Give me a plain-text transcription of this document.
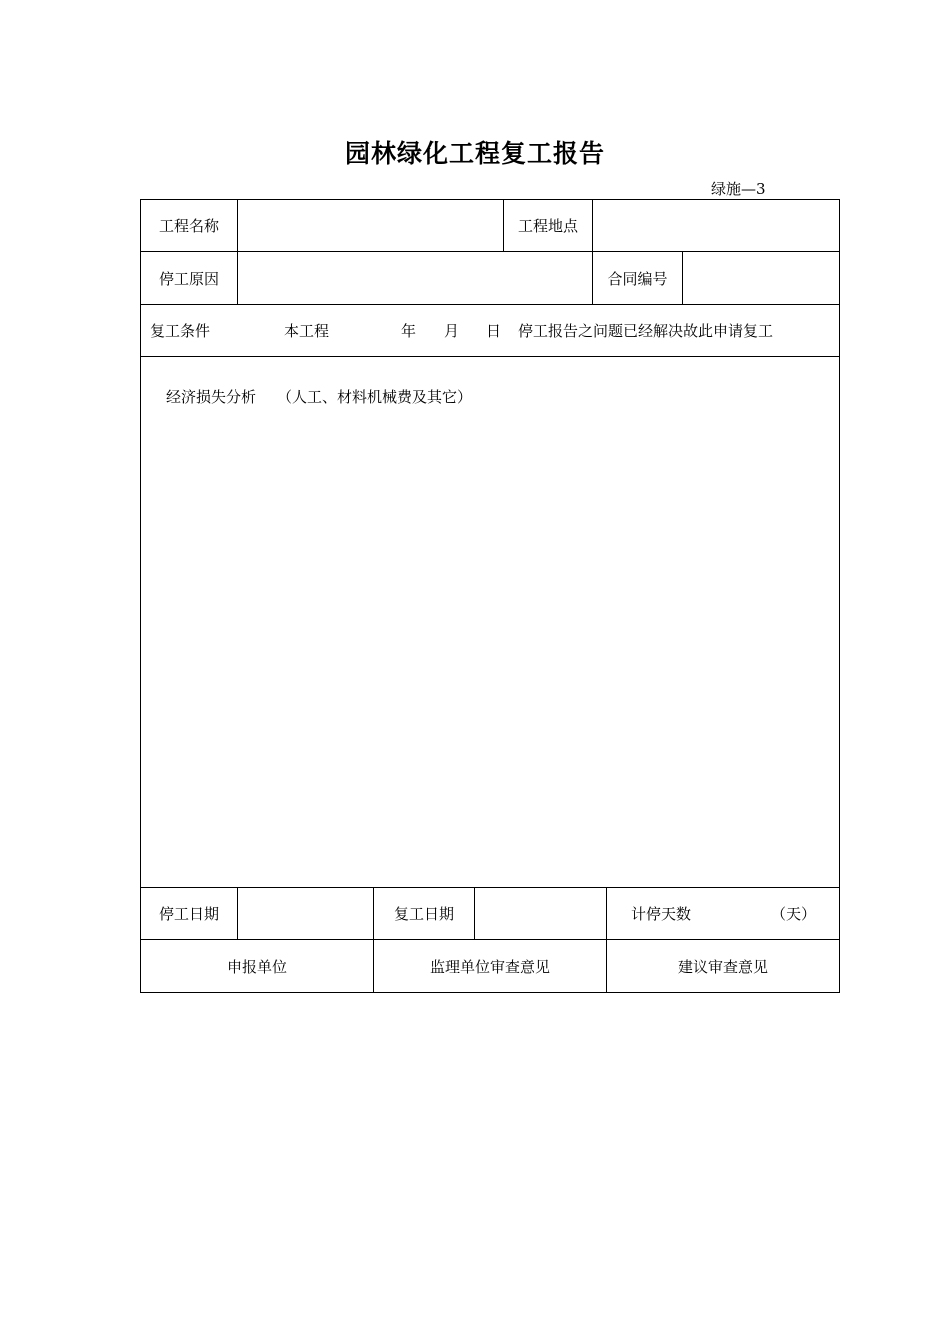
园林绿化工程复工报告
绿施—3
工程名称	工程地点
停工原因	合同编号
复工条件	本工程	年 月 日 停工报告之问题已经解决故此申请复工
经济损失分析 （人工、材料机械费及其它）
停工日期	复工日期	计停天数	（天）
申报单位	监理单位审查意见	建议审查意见
